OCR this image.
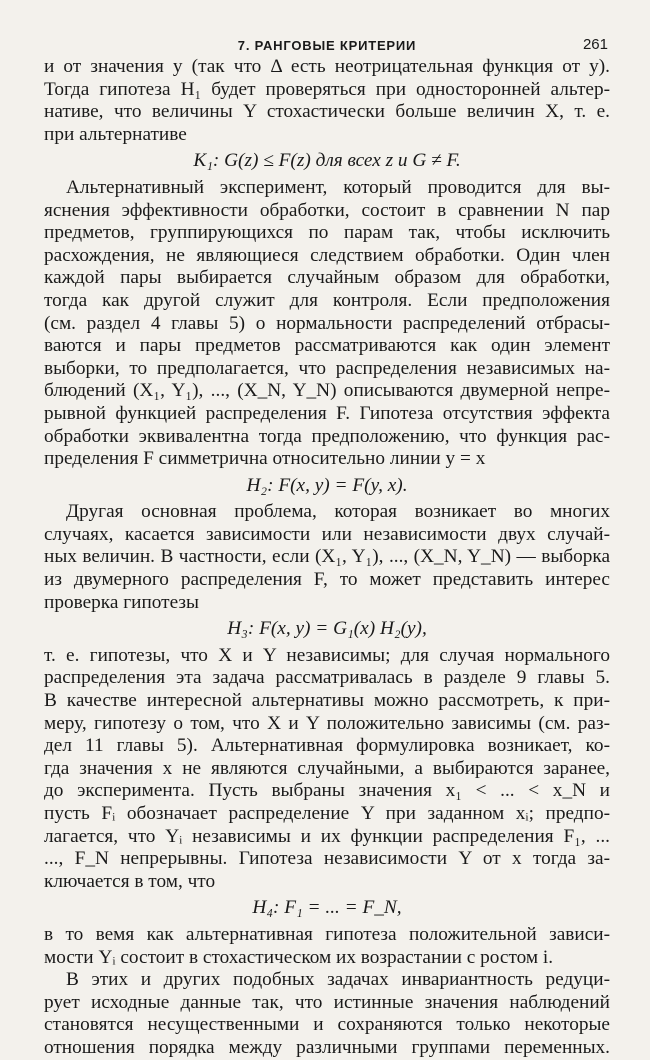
7. РАНГОВЫЕ КРИТЕРИИ	261
и от значения y (так что Δ есть неотрицательная функция от y).
Тогда гипотеза H₁ будет проверяться при односторонней альтер-
нативе, что величины Y стохастически больше величин X, т. е.
при альтернативе
K₁: G(z) ≤ F(z) для всех z и G ≠ F.
Альтернативный эксперимент, который проводится для вы-
яснения эффективности обработки, состоит в сравнении N пар
предметов, группирующихся по парам так, чтобы исключить
расхождения, не являющиеся следствием обработки. Один член
каждой пары выбирается случайным образом для обработки,
тогда как другой служит для контроля. Если предположения
(см. раздел 4 главы 5) о нормальности распределений отбрасы-
ваются и пары предметов рассматриваются как один элемент
выборки, то предполагается, что распределения независимых на-
блюдений (X₁, Y₁), ..., (X_N, Y_N) описываются двумерной непре-
рывной функцией распределения F. Гипотеза отсутствия эффекта
обработки эквивалентна тогда предположению, что функция рас-
пределения F симметрична относительно линии y = x
H₂: F(x, y) = F(y, x).
Другая основная проблема, которая возникает во многих
случаях, касается зависимости или независимости двух случай-
ных величин. В частности, если (X₁, Y₁), ..., (X_N, Y_N) — выборка
из двумерного распределения F, то может представить интерес
проверка гипотезы
H₃: F(x, y) = G₁(x) H₂(y),
т. е. гипотезы, что X и Y независимы; для случая нормального
распределения эта задача рассматривалась в разделе 9 главы 5.
В качестве интересной альтернативы можно рассмотреть, к при-
меру, гипотезу о том, что X и Y положительно зависимы (см. раз-
дел 11 главы 5). Альтернативная формулировка возникает, ко-
гда значения x не являются случайными, а выбираются заранее,
до эксперимента. Пусть выбраны значения x₁ < ... < x_N и
пусть Fᵢ обозначает распределение Y при заданном xᵢ; предпо-
лагается, что Yᵢ независимы и их функции распределения F₁, ...
..., F_N непрерывны. Гипотеза независимости Y от x тогда за-
ключается в том, что
H₄: F₁ = ... = F_N,
в то вемя как альтернативная гипотеза положительной зависи-
мости Yᵢ состоит в стохастическом их возрастании с ростом i.
В этих и других подобных задачах инвариантность редуци-
рует исходные данные так, что истинные значения наблюдений
становятся несущественными и сохраняются только некоторые
отношения порядка между различными группами переменных.
